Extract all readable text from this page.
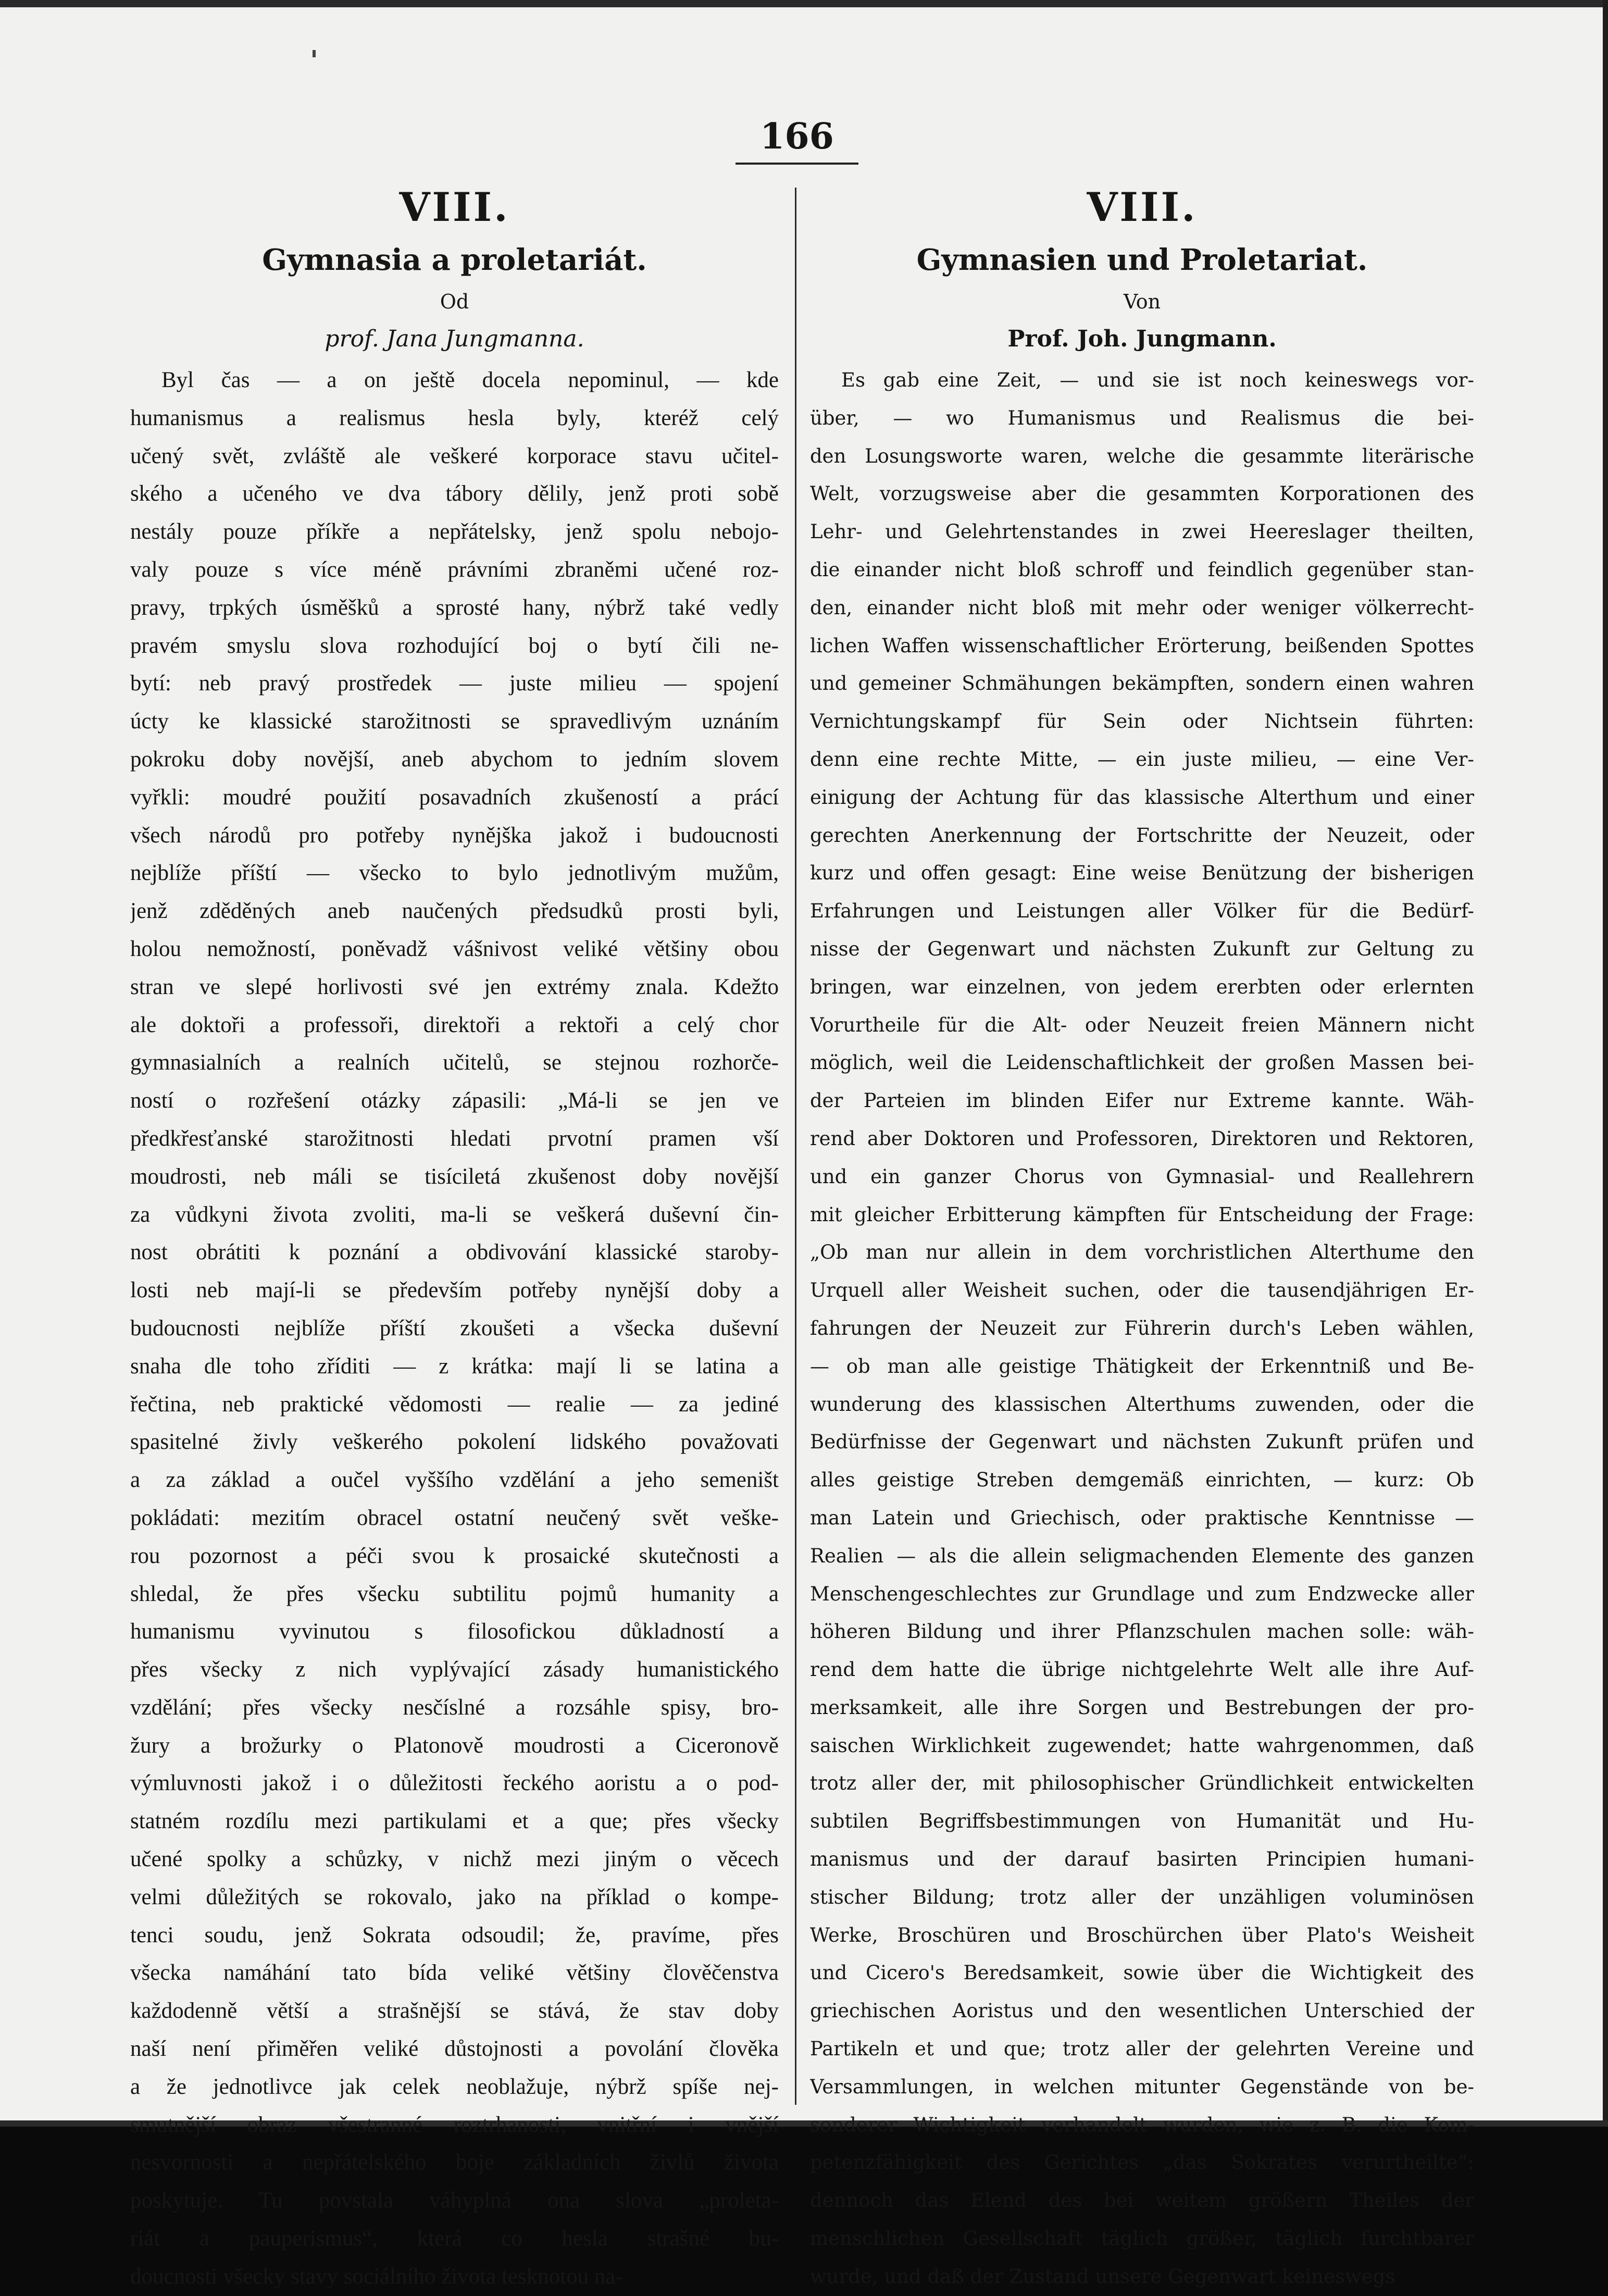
166
VIII.
Gymnasia a proletariát.
Od
prof. Jana Jungmanna.
Byl čas — a on ještě docela nepominul, — kde
humanismus a realismus hesla byly, kteréž celý
učený svět, zvláště ale veškeré korporace stavu učitel-
ského a učeného ve dva tábory dělily, jenž proti sobě
nestály pouze příkře a nepřátelsky, jenž spolu nebojo-
valy pouze s více méně právními zbraněmi učené roz-
pravy, trpkých úsměšků a sprosté hany, nýbrž také vedly
pravém smyslu slova rozhodující boj o bytí čili ne-
bytí: neb pravý prostředek — juste milieu — spojení
úcty ke klassické starožitnosti se spravedlivým uznáním
pokroku doby novější, aneb abychom to jedním slovem
vyřkli: moudré použití posavadních zkušeností a prácí
všech národů pro potřeby nynějška jakož i budoucnosti
nejblíže příští — všecko to bylo jednotlivým mužům,
jenž zděděných aneb naučených předsudků prosti byli,
holou nemožností, poněvadž vášnivost veliké většiny obou
stran ve slepé horlivosti své jen extrémy znala. Kdežto
ale doktoři a professoři, direktoři a rektoři a celý chor
gymnasialních a realních učitelů, se stejnou rozhorče-
ností o rozřešení otázky zápasili: „Má-li se jen ve
předkřesťanské starožitnosti hledati prvotní pramen vší
moudrosti, neb máli se tisíciletá zkušenost doby novější
za vůdkyni života zvoliti, ma-li se veškerá duševní čin-
nost obrátiti k poznání a obdivování klassické staroby-
losti neb mají-li se především potřeby nynější doby a
budoucnosti nejblíže příští zkoušeti a všecka duševní
snaha dle toho zříditi — z krátka: mají li se latina a
řečtina, neb praktické vědomosti — realie — za jediné
spasitelné živly veškerého pokolení lidského považovati
a za základ a oučel vyššího vzdělání a jeho semeništ
pokládati: mezitím obracel ostatní neučený svět veške-
rou pozornost a péči svou k prosaické skutečnosti a
shledal, že přes všecku subtilitu pojmů humanity a
humanismu vyvinutou s filosofickou důkladností a
přes všecky z nich vyplývající zásady humanistického
vzdělání; přes všecky nesčíslné a rozsáhle spisy, bro-
žury a brožurky o Platonově moudrosti a Ciceronově
výmluvnosti jakož i o důležitosti řeckého aoristu a o pod-
statném rozdílu mezi partikulami et a que; přes všecky
učené spolky a schůzky, v nichž mezi jiným o věcech
velmi důležitých se rokovalo, jako na příklad o kompe-
tenci soudu, jenž Sokrata odsoudil; že, pravíme, přes
všecka namáhání tato bída veliké většiny člověčenstva
každodenně větší a strašnější se stává, že stav doby
naší není přiměřen veliké důstojnosti a povolání člověka
a že jednotlivce jak celek neoblažuje, nýbrž spíše nej-
smutnější obraz všestranné roztrhanosti, vnitřní i vnější
nesvornosti a nepřátelského boje základních živlů života
poskytuje. Tu povstala váhyplná ona slova „proleta-
riát a pauperismus“, která co hesla strašné bu-
doucnosti všecky stavy sociálního života tesknotou na-
VIII.
Gymnasien und Proletariat.
Von
Prof. Joh. Jungmann.
Es gab eine Zeit, — und sie ist noch keineswegs vor-
über, — wo Humanismus und Realismus die bei-
den Losungsworte waren, welche die gesammte literärische
Welt, vorzugsweise aber die gesammten Korporationen des
Lehr- und Gelehrtenstandes in zwei Heereslager theilten,
die einander nicht bloß schroff und feindlich gegenüber stan-
den, einander nicht bloß mit mehr oder weniger völkerrecht-
lichen Waffen wissenschaftlicher Erörterung, beißenden Spottes
und gemeiner Schmähungen bekämpften, sondern einen wahren
Vernichtungskampf für Sein oder Nichtsein führten:
denn eine rechte Mitte, — ein juste milieu, — eine Ver-
einigung der Achtung für das klassische Alterthum und einer
gerechten Anerkennung der Fortschritte der Neuzeit, oder
kurz und offen gesagt: Eine weise Benützung der bisherigen
Erfahrungen und Leistungen aller Völker für die Bedürf-
nisse der Gegenwart und nächsten Zukunft zur Geltung zu
bringen, war einzelnen, von jedem ererbten oder erlernten
Vorurtheile für die Alt- oder Neuzeit freien Männern nicht
möglich, weil die Leidenschaftlichkeit der großen Massen bei-
der Parteien im blinden Eifer nur Extreme kannte. Wäh-
rend aber Doktoren und Professoren, Direktoren und Rektoren,
und ein ganzer Chorus von Gymnasial- und Reallehrern
mit gleicher Erbitterung kämpften für Entscheidung der Frage:
„Ob man nur allein in dem vorchristlichen Alterthume den
Urquell aller Weisheit suchen, oder die tausendjährigen Er-
fahrungen der Neuzeit zur Führerin durch's Leben wählen,
— ob man alle geistige Thätigkeit der Erkenntniß und Be-
wunderung des klassischen Alterthums zuwenden, oder die
Bedürfnisse der Gegenwart und nächsten Zukunft prüfen und
alles geistige Streben demgemäß einrichten, — kurz: Ob
man Latein und Griechisch, oder praktische Kenntnisse —
Realien — als die allein seligmachenden Elemente des ganzen
Menschengeschlechtes zur Grundlage und zum Endzwecke aller
höheren Bildung und ihrer Pflanzschulen machen solle: wäh-
rend dem hatte die übrige nichtgelehrte Welt alle ihre Auf-
merksamkeit, alle ihre Sorgen und Bestrebungen der pro-
saischen Wirklichkeit zugewendet; hatte wahrgenommen, daß
trotz aller der, mit philosophischer Gründlichkeit entwickelten
subtilen Begriffsbestimmungen von Humanität und Hu-
manismus und der darauf basirten Principien humani-
stischer Bildung; trotz aller der unzähligen voluminösen
Werke, Broschüren und Broschürchen über Plato's Weisheit
und Cicero's Beredsamkeit, sowie über die Wichtigkeit des
griechischen Aoristus und den wesentlichen Unterschied der
Partikeln et und que; trotz aller der gelehrten Vereine und
Versammlungen, in welchen mitunter Gegenstände von be-
sonderer Wichtigkeit verhandelt wurden, wie z. B. die Kom-
petenzfähigkeit des Gerichtes „das Sokrates verurtheilte“:
dennoch das Elend des bei weitem größern Theiles der
menschlichen Gesellschaft täglich größer, täglich furchtbarer
wurde, und daß der Zustand unsere Gegenwart keineswegs
